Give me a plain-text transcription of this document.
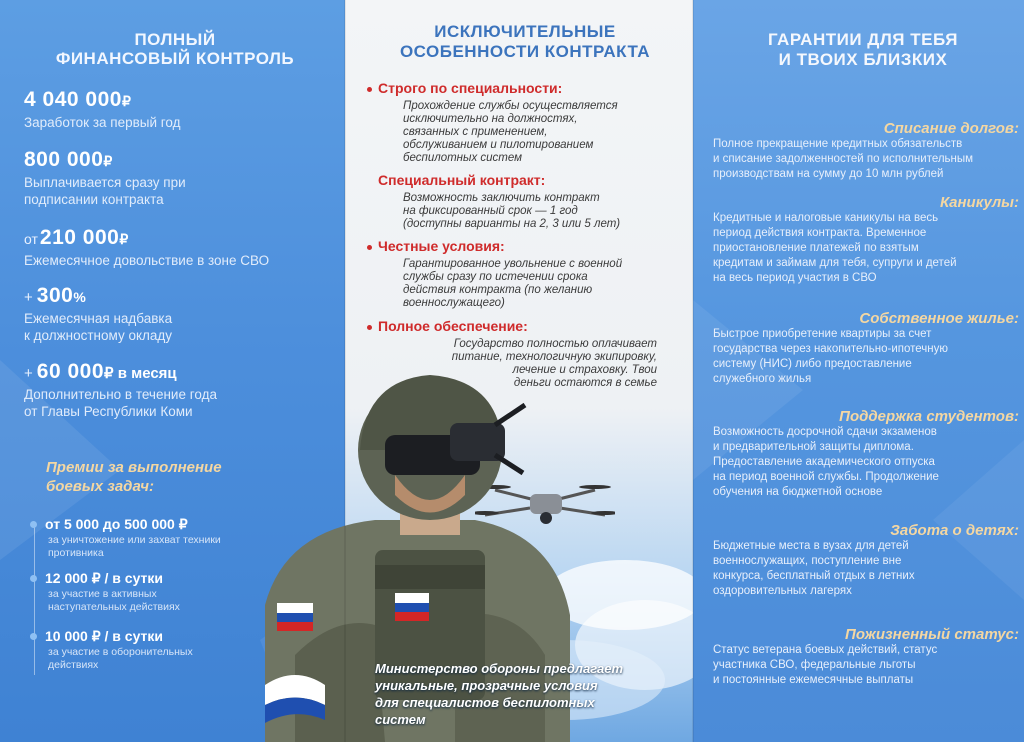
ПОЛНЫЙ
ФИНАНСОВЫЙ КОНТРОЛЬ
4 040 000₽
Заработок за первый год
800 000₽
Выплачивается сразу при
подписании контракта
от210 000₽
Ежемесячное довольствие в зоне СВО
+ 300%
Ежемесячная надбавка
к должностному окладу
+ 60 000₽ в месяц
Дополнительно в течение года
от Главы Республики Коми
Премии за выполнение
боевых задач:
от 5 000 до 500 000 ₽
за уничтожение или захват техники
противника
12 000 ₽ / в сутки
за участие в активных
наступательных действиях
10 000 ₽ / в сутки
за участие в оборонительных
действиях
ИСКЛЮЧИТЕЛЬНЫЕ
ОСОБЕННОСТИ КОНТРАКТА
Строго по специальности:
Прохождение службы осуществляется
исключительно на должностях,
связанных с применением,
обслуживанием и пилотированием
беспилотных систем
Специальный контракт:
Возможность заключить контракт
на фиксированный срок — 1 год
(доступны варианты на 2, 3 или 5 лет)
Честные условия:
Гарантированное увольнение с военной
службы сразу по истечении срока
действия контракта (по желанию
военнослужащего)
Полное обеспечение:
Государство полностью оплачивает
питание, технологичную экипировку,
лечение и страховку. Твои
деньги остаются в семье
Министерство обороны предлагает
уникальные, прозрачные условия
для специалистов беспилотных
систем
ГАРАНТИИ ДЛЯ ТЕБЯ
И ТВОИХ БЛИЗКИХ
Списание долгов:
Полное прекращение кредитных обязательств
и списание задолженностей по исполнительным
производствам на сумму до 10 млн рублей
Каникулы:
Кредитные и налоговые каникулы на весь
период действия контракта. Временное
приостановление платежей по взятым
кредитам и займам для тебя, супруги и детей
на весь период участия в СВО
Собственное жилье:
Быстрое приобретение квартиры за счет
государства через накопительно-ипотечную
систему (НИС) либо предоставление
служебного жилья
Поддержка студентов:
Возможность досрочной сдачи экзаменов
и предварительной защиты диплома.
Предоставление академического отпуска
на период военной службы. Продолжение
обучения на бюджетной основе
Забота о детях:
Бюджетные места в вузах для детей
военнослужащих, поступление вне
конкурса, бесплатный отдых в летних
оздоровительных лагерях
Пожизненный статус:
Статус ветерана боевых действий, статус
участника СВО, федеральные льготы
и постоянные ежемесячные выплаты
